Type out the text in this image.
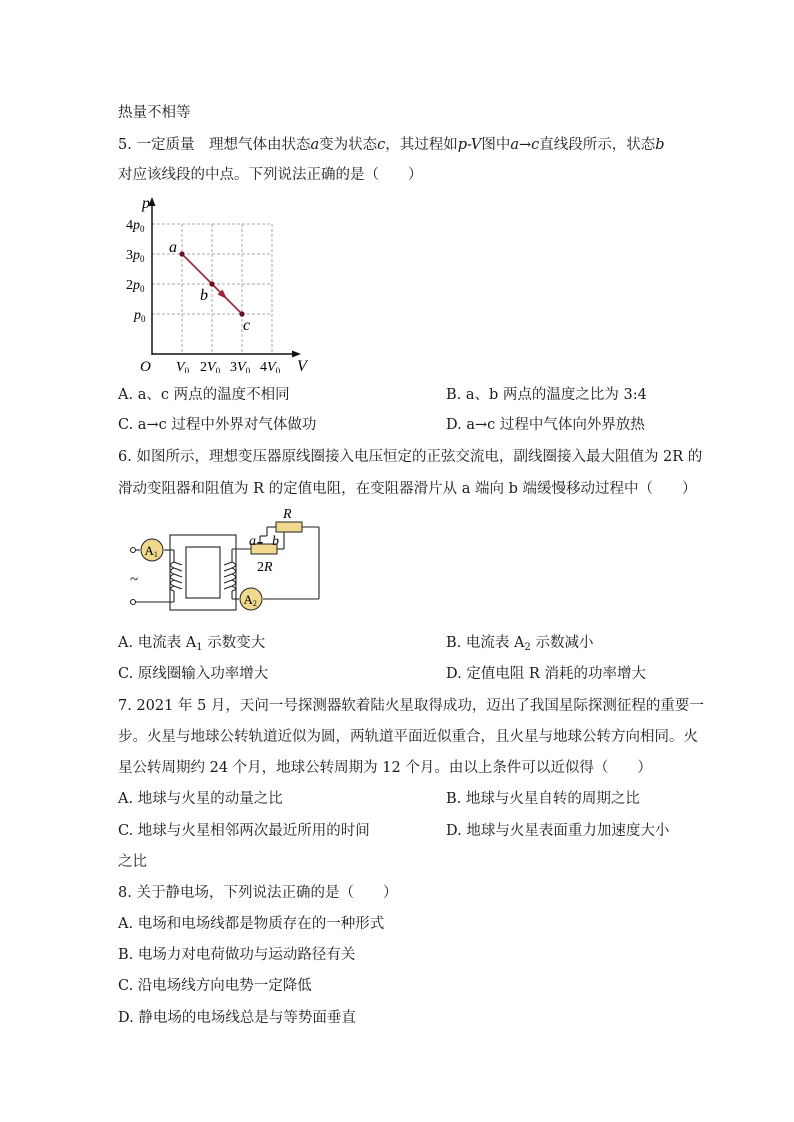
热量不相等
5. 一定质量　理想气体由状态a变为状态c，其过程如p-V图中a→c直线段所示，状态b
对应该线段的中点。下列说法正确的是（　　）
p
V
O
$4p_0$
$3p_0$
$2p_0$
$p_0$
$V_0$ $2V_0$ $3V_0$ $4V_0$
a
b
c
A. a、c 两点的温度不相同	B. a、b 两点的温度之比为 3:4
C. a→c 过程中外界对气体做功	D. a→c 过程中气体向外界放热
6. 如图所示，理想变压器原线圈接入电压恒定的正弦交流电，副线圈接入最大阻值为 2R 的
滑动变阻器和阻值为 R 的定值电阻，在变阻器滑片从 a 端向 b 端缓慢移动过程中（　　）
A1
A2
~
R
a b
2R
A. 电流表 $A_1$ 示数变大	B. 电流表 $A_2$ 示数减小
C. 原线圈输入功率增大	D. 定值电阻 R 消耗的功率增大
7. 2021 年 5 月，天问一号探测器软着陆火星取得成功，迈出了我国星际探测征程的重要一
步。火星与地球公转轨道近似为圆，两轨道平面近似重合，且火星与地球公转方向相同。火
星公转周期约 24 个月，地球公转周期为 12 个月。由以上条件可以近似得（　　）
A. 地球与火星的动量之比	B. 地球与火星自转的周期之比
C. 地球与火星相邻两次最近所用的时间	D. 地球与火星表面重力加速度大小
之比
8. 关于静电场，下列说法正确的是（　　）
A. 电场和电场线都是物质存在的一种形式
B. 电场力对电荷做功与运动路径有关
C. 沿电场线方向电势一定降低
D. 静电场的电场线总是与等势面垂直
